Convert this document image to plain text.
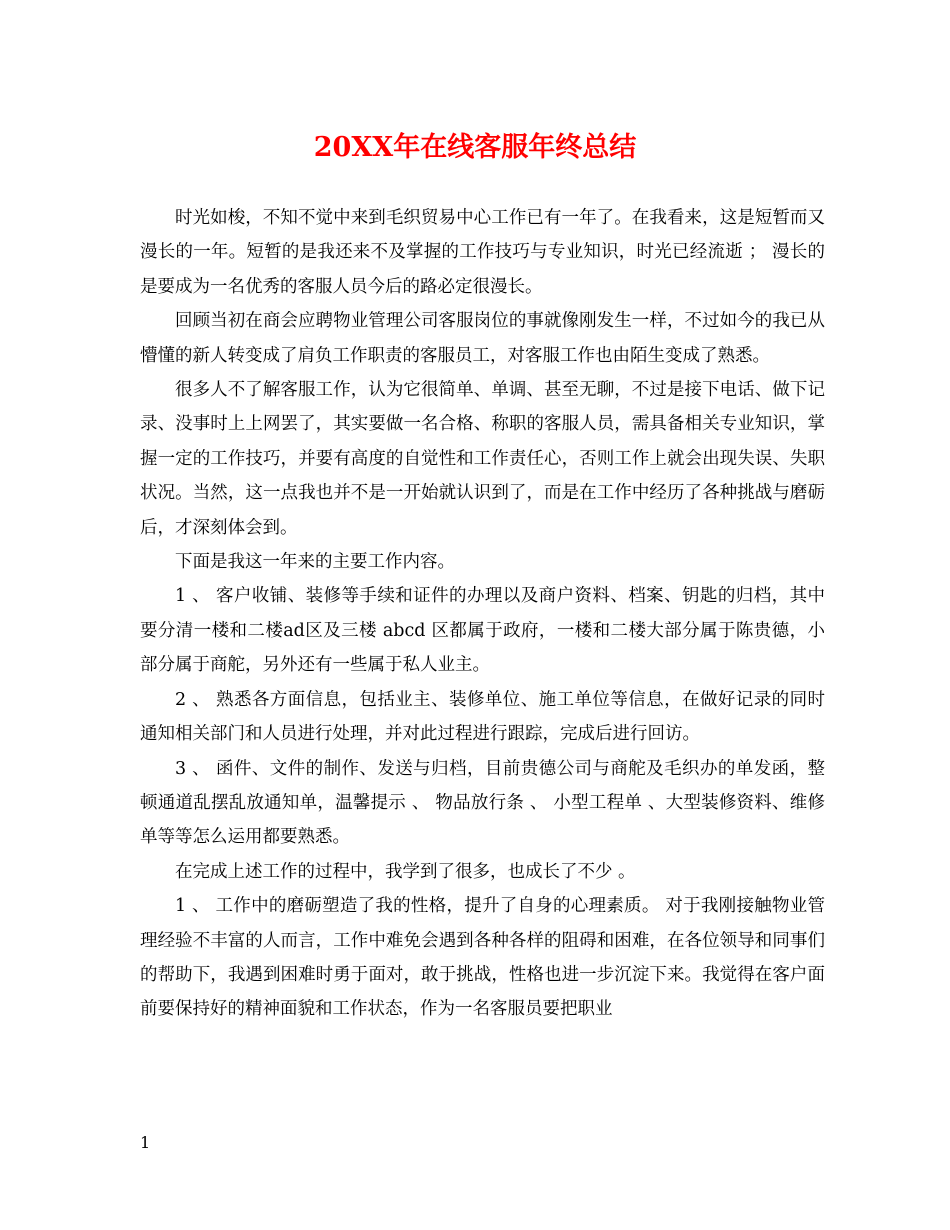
20XX年在线客服年终总结

时光如梭，不知不觉中来到毛织贸易中心工作已有一年了。在我看来，这是短暂而又漫长的一年。短暂的是我还来不及掌握的工作技巧与专业知识，时光已经流逝 ； 漫长的是要成为一名优秀的客服人员今后的路必定很漫长。

回顾当初在商会应聘物业管理公司客服岗位的事就像刚发生一样，不过如今的我已从懵懂的新人转变成了肩负工作职责的客服员工，对客服工作也由陌生变成了熟悉。

很多人不了解客服工作，认为它很简单、单调、甚至无聊，不过是接下电话、做下记录、没事时上上网罢了，其实要做一名合格、称职的客服人员，需具备相关专业知识，掌握一定的工作技巧，并要有高度的自觉性和工作责任心，否则工作上就会出现失误、失职状况。当然，这一点我也并不是一开始就认识到了，而是在工作中经历了各种挑战与磨砺后，才深刻体会到。

下面是我这一年来的主要工作内容。

1 、 客户收铺、装修等手续和证件的办理以及商户资料、档案、钥匙的归档，其中要分清一楼和二楼ad区及三楼 abcd 区都属于政府，一楼和二楼大部分属于陈贵德，小部分属于商舵，另外还有一些属于私人业主。

2 、 熟悉各方面信息，包括业主、装修单位、施工单位等信息，在做好记录的同时通知相关部门和人员进行处理，并对此过程进行跟踪，完成后进行回访。

3 、 函件、文件的制作、发送与归档，目前贵德公司与商舵及毛织办的单发函，整顿通道乱摆乱放通知单，温馨提示 、 物品放行条 、 小型工程单 、大型装修资料、维修单等等怎么运用都要熟悉。

在完成上述工作的过程中，我学到了很多，也成长了不少 。

1 、 工作中的磨砺塑造了我的性格，提升了自身的心理素质。 对于我刚接触物业管理经验不丰富的人而言，工作中难免会遇到各种各样的阻碍和困难，在各位领导和同事们的帮助下，我遇到困难时勇于面对，敢于挑战，性格也进一步沉淀下来。我觉得在客户面前要保持好的精神面貌和工作状态，作为一名客服员要把职业

1
